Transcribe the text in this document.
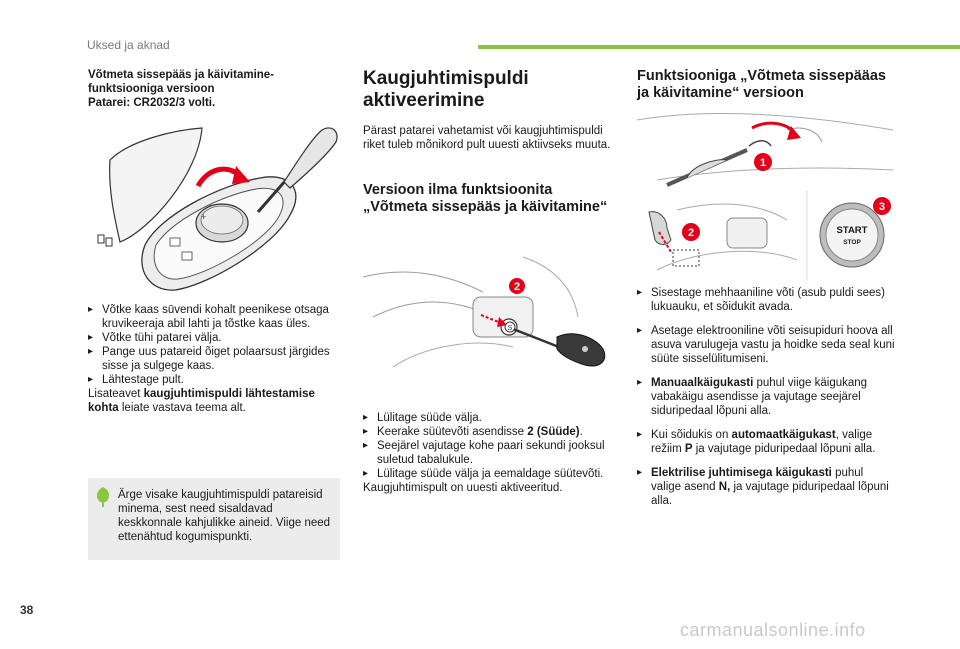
Uksed ja aknad

Võtmeta sissepääs ja käivitamine-

funktsiooniga versioon

Patarei: CR2032/3 volti.

+
▸ Võtke kaas sūvendi kohalt peenikese otsaga kruvikeeraja abil lahti ja tõstke kaas üles.
▸ Võtke tühi patarei välja.
▸ Pange uus patareid õiget polaarsust järgides sisse ja sulgege kaas.
▸ Lähtestage pult.

Lisateavet kaugjuhtimispuldi lähtestamise kohta leiate vastava teema alt.

Ärge visake kaugjuhtimispuldi patareisid minema, sest need sisaldavad keskkonnale kahjulikke aineid. Viige need ettenähtud kogumispunkti.

Kaugjuhtimispuldi
aktiveerimine

Pärast patarei vahetamist või kaugjuhtimispuldi riket tuleb mõnikord pult uuesti aktiivseks muuta.

Versioon ilma funktsioonita
„Võtmeta sissepääs ja käivitamine“
2
S
▸ Lülitage süüde välja.
▸ Keerake süütevõti asendisse 2 (Süüde).
▸ Seejärel vajutage kohe paari sekundi jooksul suletud tabalukule.
▸ Lülitage süüde välja ja eemaldage süütevõti.

Kaugjuhtimispult on uuesti aktiveeritud.

Funktsiooniga „Võtmeta sissepääas
ja käivitamine“ versioon
1
2	START
STOP
3
▸ Sisestage mehhaaniline võti (asub puldi sees) lukuauku, et sõidukit avada.
▸ Asetage elektrooniline võti seisupiduri hoova all asuva varulugeja vastu ja hoidke seda seal kuni süüte sisselülitumiseni.
▸ Manuaalkäigukasti puhul viige käigukang vabakäigu asendisse ja vajutage seejärel siduripedaal lõpuni alla.
▸ Kui sõidukis on automaatkäigukast, valige režiim P ja vajutage piduripedaal lõpuni alla.
▸ Elektrilise juhtimisega käigukasti puhul valige asend N, ja vajutage piduripedaal lõpuni alla.
38
carmanualsonline.info
